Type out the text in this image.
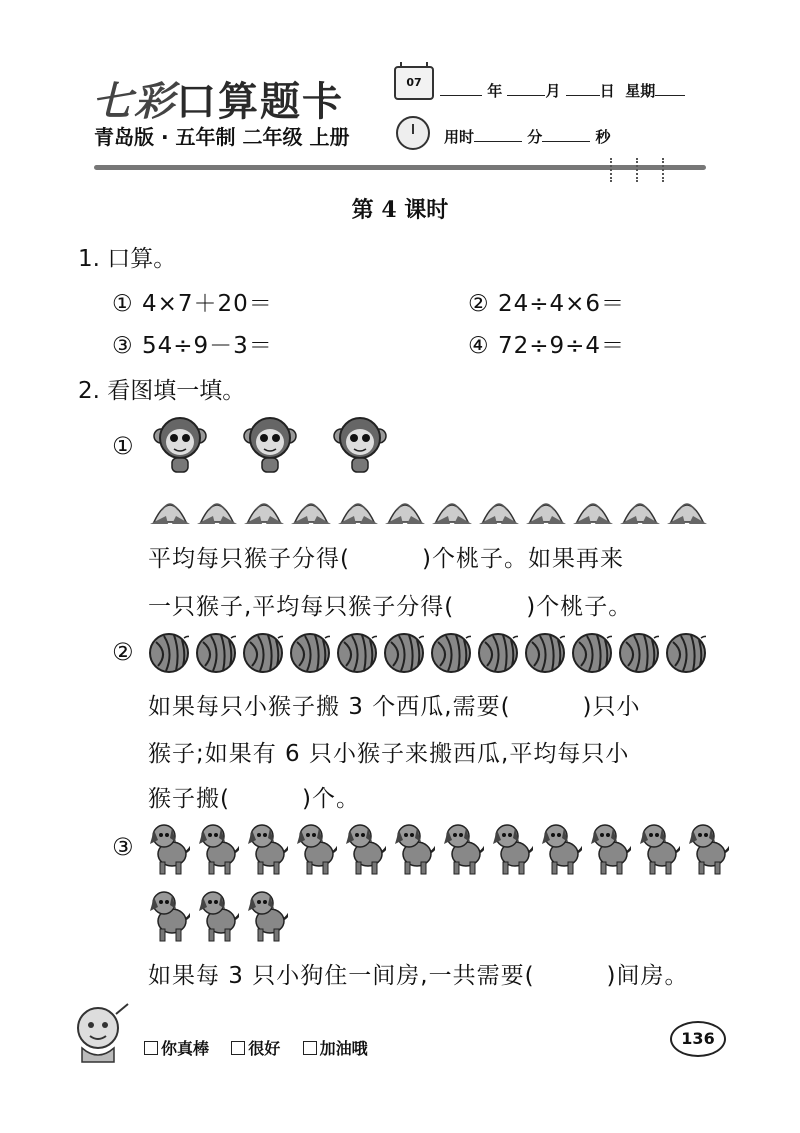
七彩口算题卡
青岛版 · 五年制 二年级 上册
07	年	月	日 星期
用时	分	秒
第 4 课时
1. 口算。
① 4×7＋20＝	② 24÷4×6＝
③ 54÷9－3＝	④ 72÷9÷4＝
2. 看图填一填。
①
平均每只猴子分得(　　　)个桃子。如果再来
一只猴子,平均每只猴子分得(　　　)个桃子。
②
如果每只小猴子搬 3 个西瓜,需要(　　　)只小
猴子;如果有 6 只小猴子来搬西瓜,平均每只小
猴子搬(　　　)个。
③
如果每 3 只小狗住一间房,一共需要(　　　)间房。
你真棒 很好 加油哦
136
